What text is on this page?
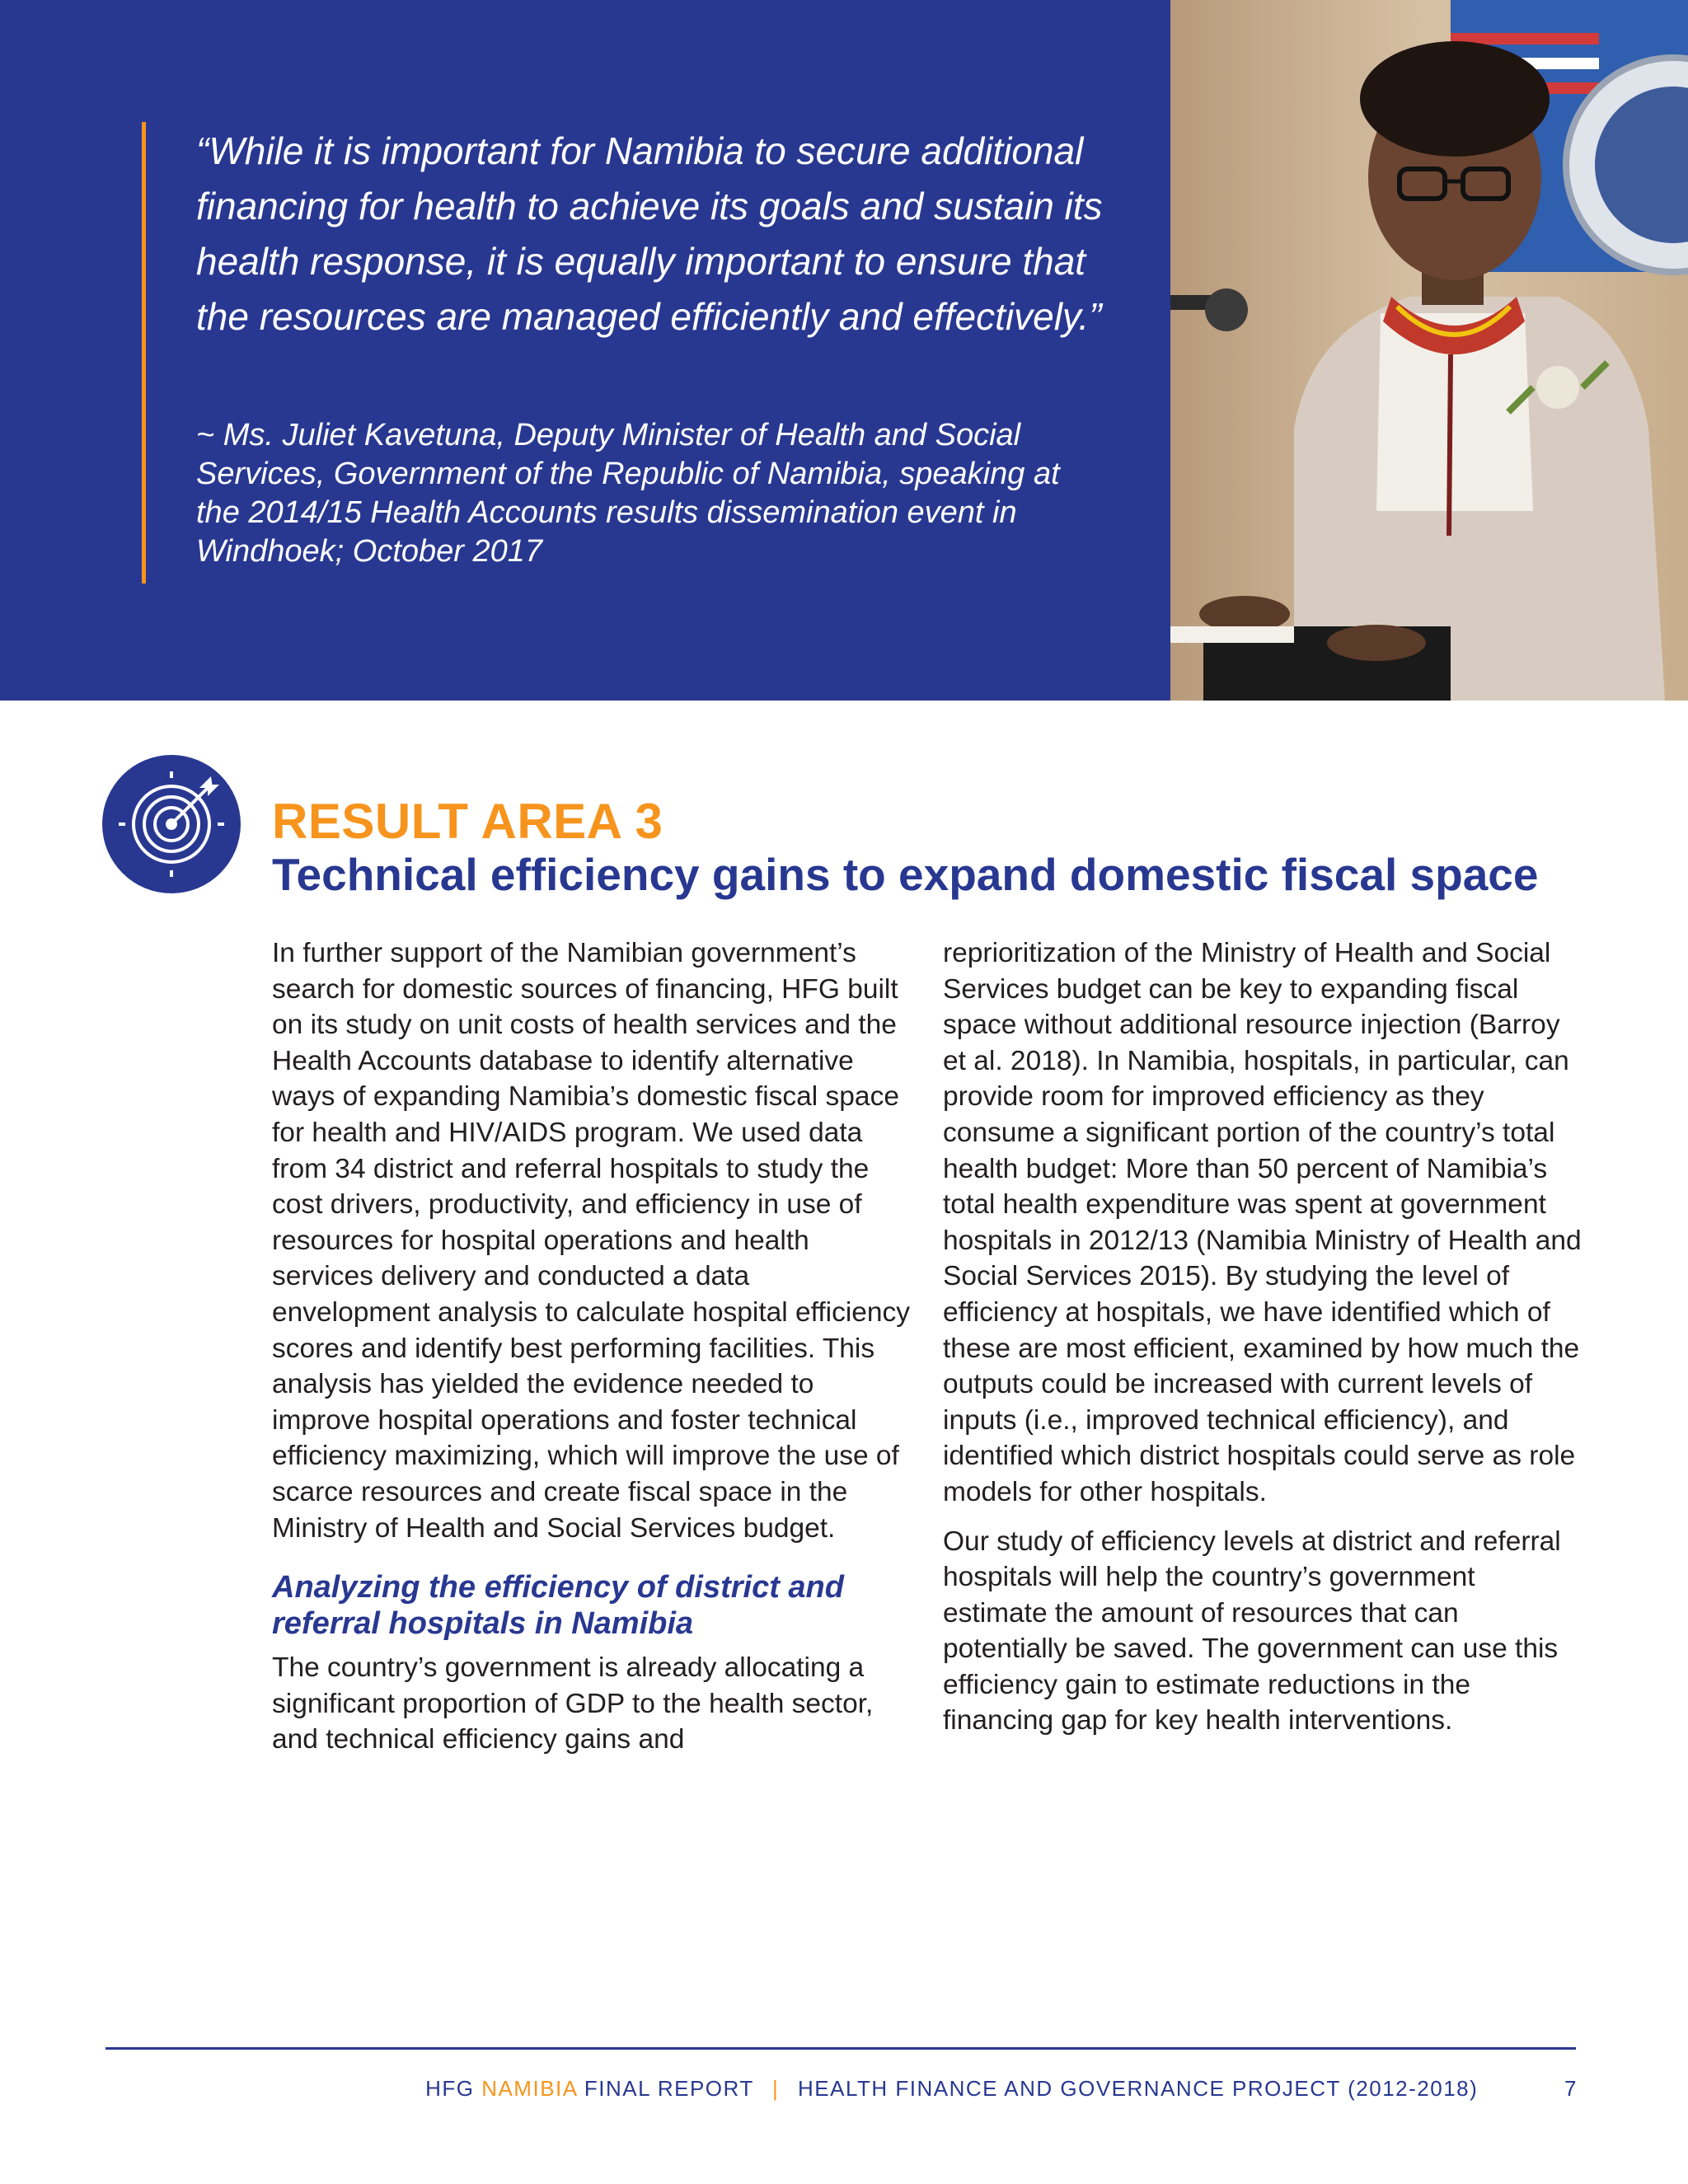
“While it is important for Namibia to secure additional financing for health to achieve its goals and sustain its health response, it is equally important to ensure that the resources are managed efficiently and effectively.”
~ Ms. Juliet Kavetuna, Deputy Minister of Health and Social Services, Government of the Republic of Namibia, speaking at the 2014/15 Health Accounts results dissemination event in Windhoek; October 2017
RESULT AREA 3
Technical efficiency gains to expand domestic fiscal space

In further support of the Namibian government’s search for domestic sources of financing, HFG built on its study on unit costs of health services and the Health Accounts database to identify alternative ways of expanding Namibia’s domestic fiscal space for health and HIV/AIDS program. We used data from 34 district and referral hospitals to study the cost drivers, productivity, and efficiency in use of resources for hospital operations and health services delivery and conducted a data envelopment analysis to calculate hospital efficiency scores and identify best performing facilities. This analysis has yielded the evidence needed to improve hospital operations and foster technical efficiency maximizing, which will improve the use of scarce resources and create fiscal space in the Ministry of Health and Social Services budget.

Analyzing the efficiency of district and referral hospitals in Namibia

The country’s government is already allocating a significant proportion of GDP to the health sector, and technical efficiency gains and

reprioritization of the Ministry of Health and Social Services budget can be key to expanding fiscal space without additional resource injection (Barroy et al. 2018). In Namibia, hospitals, in particular, can provide room for improved efficiency as they consume a significant portion of the country’s total health budget: More than 50 percent of Namibia’s total health expenditure was spent at government hospitals in 2012/13 (Namibia Ministry of Health and Social Services 2015). By studying the level of efficiency at hospitals, we have identified which of these are most efficient, examined by how much the outputs could be increased with current levels of inputs (i.e., improved technical efficiency), and identified which district hospitals could serve as role models for other hospitals.

Our study of efficiency levels at district and referral hospitals will help the country’s government estimate the amount of resources that can potentially be saved. The government can use this efficiency gain to estimate reductions in the financing gap for key health interventions.

HFG NAMIBIA FINAL REPORT | HEALTH FINANCE AND GOVERNANCE PROJECT (2012-2018)	7
